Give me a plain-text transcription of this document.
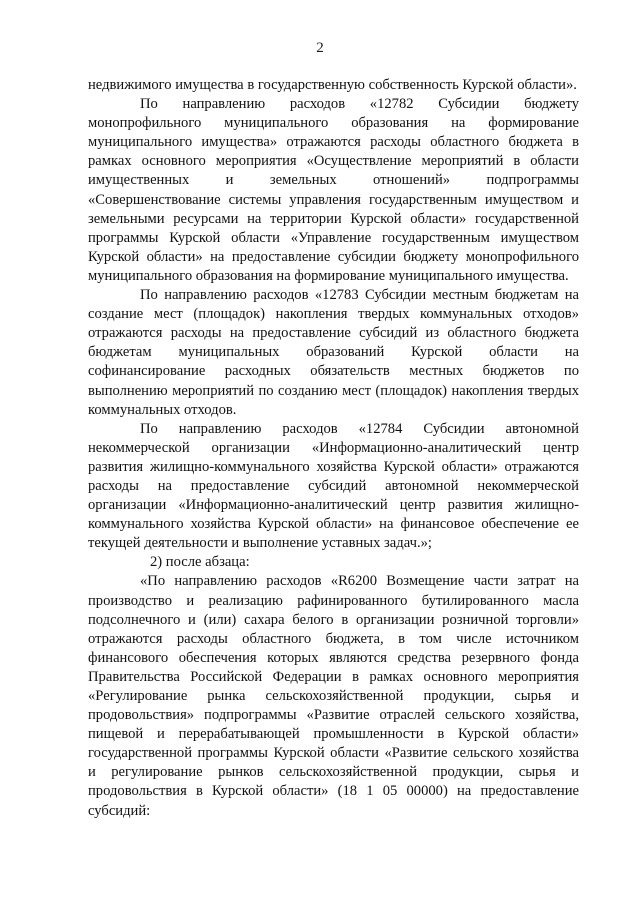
2

недвижимого имущества в государственную собственность Курской области».

По направлению расходов «12782 Субсидии бюджету монопрофильного муниципального образования на формирование муниципального имущества» отражаются расходы областного бюджета в рамках основного мероприятия «Осуществление мероприятий в области имущественных и земельных отношений» подпрограммы «Совершенствование системы управления государственным имуществом и земельными ресурсами на территории Курской области» государственной программы Курской области «Управление государственным имуществом Курской области» на предоставление субсидии бюджету монопрофильного муниципального образования на формирование муниципального имущества.

По направлению расходов «12783 Субсидии местным бюджетам на создание мест (площадок) накопления твердых коммунальных отходов» отражаются расходы на предоставление субсидий из областного бюджета бюджетам муниципальных образований Курской области на софинансирование расходных обязательств местных бюджетов по выполнению мероприятий по созданию мест (площадок) накопления твердых коммунальных отходов.

По направлению расходов «12784 Субсидии автономной некоммерческой организации «Информационно-аналитический центр развития жилищно-коммунального хозяйства Курской области» отражаются расходы на предоставление субсидий автономной некоммерческой организации «Информационно-аналитический центр развития жилищно-коммунального хозяйства Курской области» на финансовое обеспечение ее текущей деятельности и выполнение уставных задач.»;

2) после абзаца:

«По направлению расходов «R6200 Возмещение части затрат на производство и реализацию рафинированного бутилированного масла подсолнечного и (или) сахара белого в организации розничной торговли» отражаются расходы областного бюджета, в том числе источником финансового обеспечения которых являются средства резервного фонда Правительства Российской Федерации в рамках основного мероприятия «Регулирование рынка сельскохозяйственной продукции, сырья и продовольствия» подпрограммы «Развитие отраслей сельского хозяйства, пищевой и перерабатывающей промышленности в Курской области» государственной программы Курской области «Развитие сельского хозяйства и регулирование рынков сельскохозяйственной продукции, сырья и продовольствия в Курской области» (18 1 05 00000) на предоставление субсидий:
